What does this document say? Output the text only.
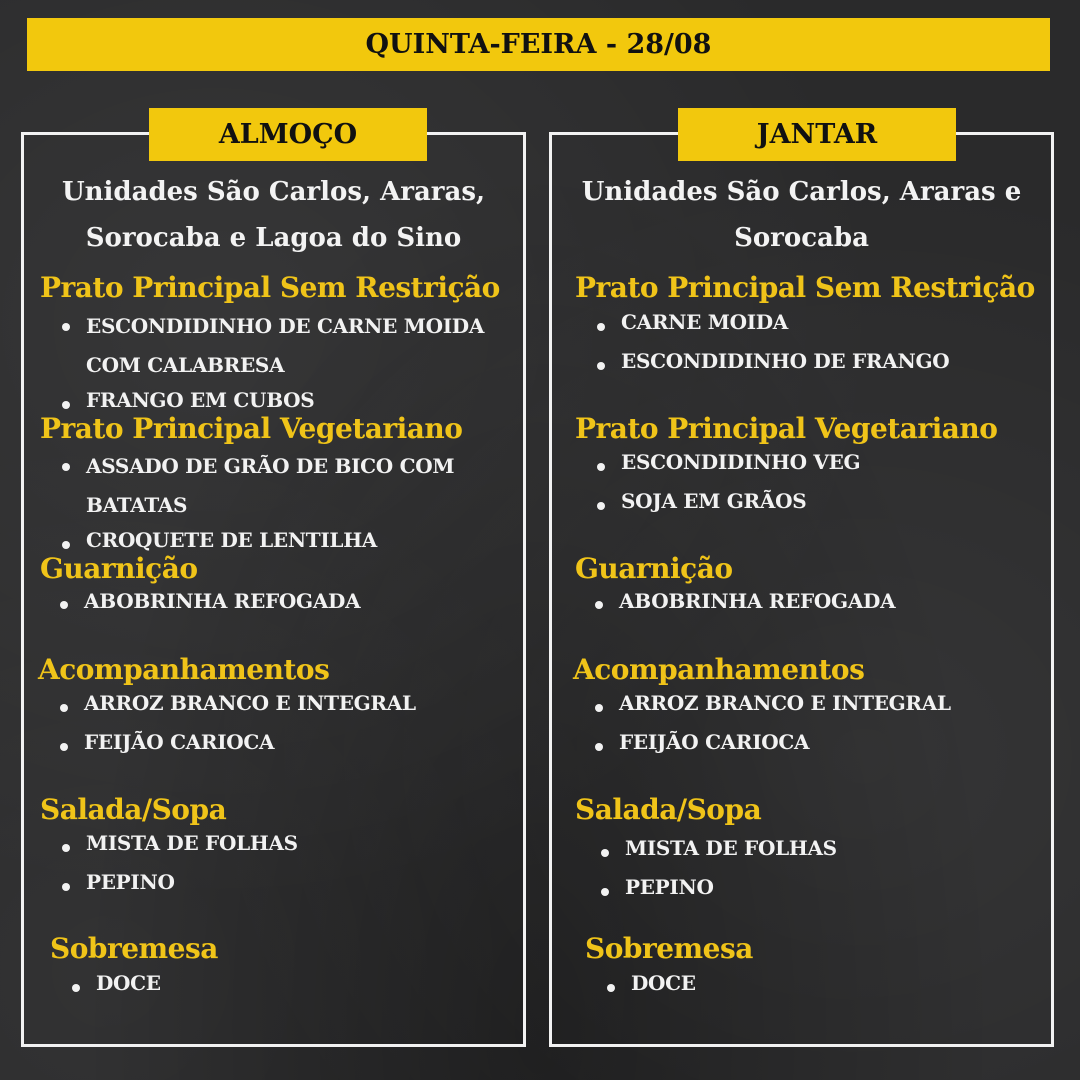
QUINTA-FEIRA - 28/08
ALMOÇO
Unidades São Carlos, Araras,
Sorocaba e Lagoa do Sino
Prato Principal Sem Restrição
ESCONDIDINHO DE CARNE MOIDA COM CALABRESA
FRANGO EM CUBOS
Prato Principal Vegetariano
ASSADO DE GRÃO DE BICO COM BATATAS
CROQUETE DE LENTILHA
Guarnição
ABOBRINHA REFOGADA
Acompanhamentos
ARROZ BRANCO E INTEGRAL
FEIJÃO CARIOCA
Salada/Sopa
MISTA DE FOLHAS
PEPINO
Sobremesa
DOCE
JANTAR
Unidades São Carlos, Araras e
Sorocaba
Prato Principal Sem Restrição
CARNE MOIDA
ESCONDIDINHO DE FRANGO
Prato Principal Vegetariano
ESCONDIDINHO VEG
SOJA EM GRÃOS
Guarnição
ABOBRINHA REFOGADA
Acompanhamentos
ARROZ BRANCO E INTEGRAL
FEIJÃO CARIOCA
Salada/Sopa
MISTA DE FOLHAS
PEPINO
Sobremesa
DOCE
